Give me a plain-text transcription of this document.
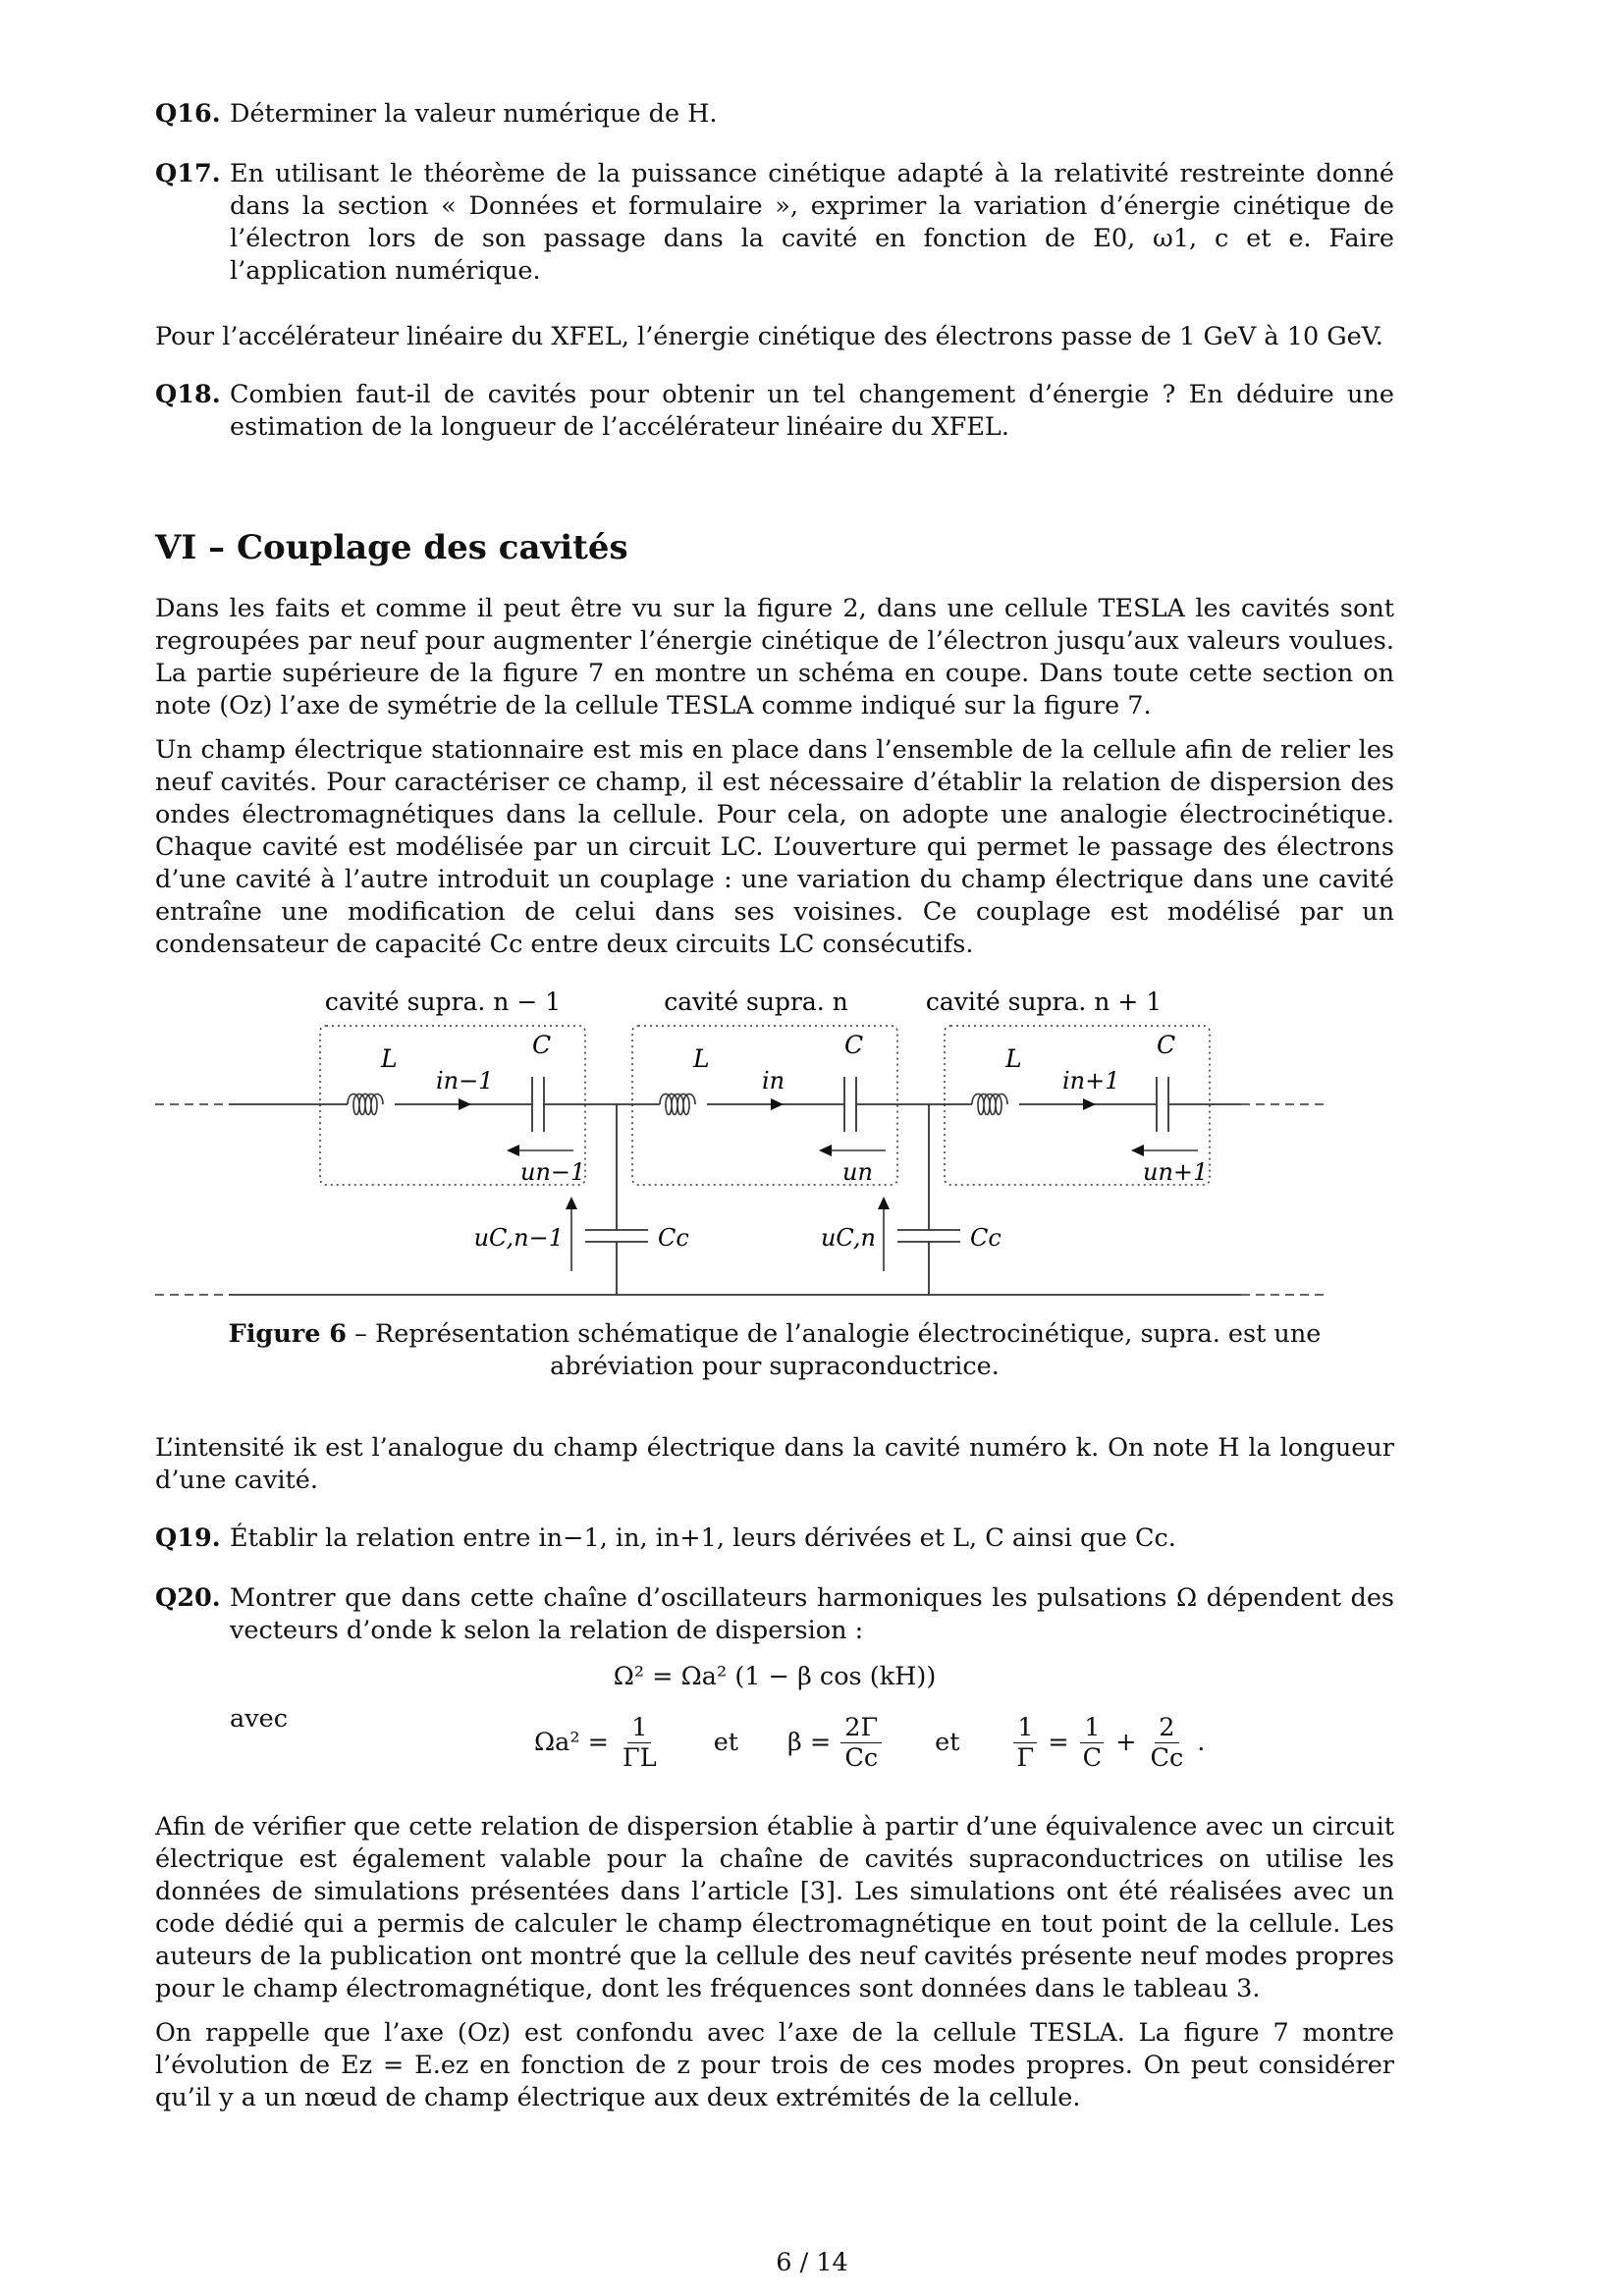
Q16. Déterminer la valeur numérique de H.
Q17. En utilisant le théorème de la puissance cinétique adapté à la relativité restreinte donné dans la section « Données et formulaire », exprimer la variation d’énergie cinétique de l’électron lors de son passage dans la cavité en fonction de E0, ω1, c et e. Faire l’application numérique.

Pour l’accélérateur linéaire du XFEL, l’énergie cinétique des électrons passe de 1 GeV à 10 GeV.

Q18. Combien faut-il de cavités pour obtenir un tel changement d’énergie ? En déduire une estimation de la longueur de l’accélérateur linéaire du XFEL.
VI – Couplage des cavités

Dans les faits et comme il peut être vu sur la figure 2, dans une cellule TESLA les cavités sont regroupées par neuf pour augmenter l’énergie cinétique de l’électron jusqu’aux valeurs voulues. La partie supérieure de la figure 7 en montre un schéma en coupe. Dans toute cette section on note (Oz) l’axe de symétrie de la cellule TESLA comme indiqué sur la figure 7.

Un champ électrique stationnaire est mis en place dans l’ensemble de la cellule afin de relier les neuf cavités. Pour caractériser ce champ, il est nécessaire d’établir la relation de dispersion des ondes électromagnétiques dans la cellule. Pour cela, on adopte une analogie électrocinétique. Chaque cavité est modélisée par un circuit LC. L’ouverture qui permet le passage des électrons d’une cavité à l’autre introduit un couplage : une variation du champ électrique dans une cavité entraîne une modification de celui dans ses voisines. Ce couplage est modélisé par un condensateur de capacité Cc entre deux circuits LC consécutifs.

cavité supra. n − 1	cavité supra. n	cavité supra. n + 1
L	L	L
C	C	C
in−1	in	in+1
un−1	un	un+1
uC,n−1	uC,n
Cc	Cc
Figure 6 – Représentation schématique de l’analogie électrocinétique, supra. est une abréviation pour supraconductrice.

L’intensité ik est l’analogue du champ électrique dans la cavité numéro k. On note H la longueur d’une cavité.

Q19. Établir la relation entre in−1, in, in+1, leurs dérivées et L, C ainsi que Cc.
Q20. Montrer que dans cette chaîne d’oscillateurs harmoniques les pulsations Ω dépendent des vecteurs d’onde k selon la relation de dispersion :
Ω² = Ωa² (1 − β cos (kH))
avec
$\Omega a^2 = \frac{1}{\Gamma L}$ et $\beta = \frac{2\Gamma}{Cc}$ et $\frac{1}{\Gamma} = \frac{1}{C} + \frac{2}{Cc}$ .

Afin de vérifier que cette relation de dispersion établie à partir d’une équivalence avec un circuit électrique est également valable pour la chaîne de cavités supraconductrices on utilise les données de simulations présentées dans l’article [3]. Les simulations ont été réalisées avec un code dédié qui a permis de calculer le champ électromagnétique en tout point de la cellule. Les auteurs de la publication ont montré que la cellule des neuf cavités présente neuf modes propres pour le champ électromagnétique, dont les fréquences sont données dans le tableau 3.

On rappelle que l’axe (Oz) est confondu avec l’axe de la cellule TESLA. La figure 7 montre l’évolution de Ez = E.ez en fonction de z pour trois de ces modes propres. On peut considérer qu’il y a un nœud de champ électrique aux deux extrémités de la cellule.

6 / 14
